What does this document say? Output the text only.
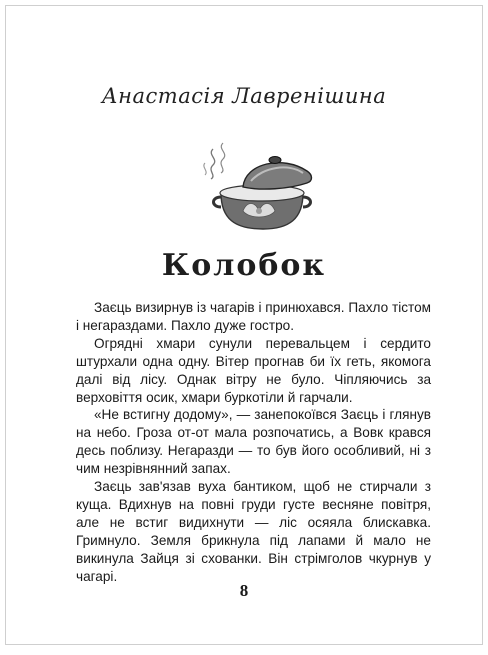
Анастасія Лавренішина
Колобок

Заєць визирнув із чагарів і принюхався. Пахло тістом і негараздами. Пахло дуже гостро.

Огрядні хмари сунули перевальцем і сердито штурхали одна одну. Вітер прогнав би їх геть, якомога далі від лісу. Однак вітру не було. Чіпляючись за верховіття осик, хмари буркотіли й гарчали.

«Не встигну додому», — занепокоївся Заєць і глянув на небо. Гроза от-от мала розпочатись, а Вовк крався десь поблизу. Негаразди — то був його особливий, ні з чим незрівнянний запах.

Заєць зав'язав вуха бантиком, щоб не стирчали з куща. Вдихнув на повні груди густе весняне повітря, але не встиг видихнути — ліс осяяла блискавка. Гримнуло. Земля брикнула під лапами й мало не викинула Зайця зі схованки. Він стрімголов чкурнув у чагарі.

8
